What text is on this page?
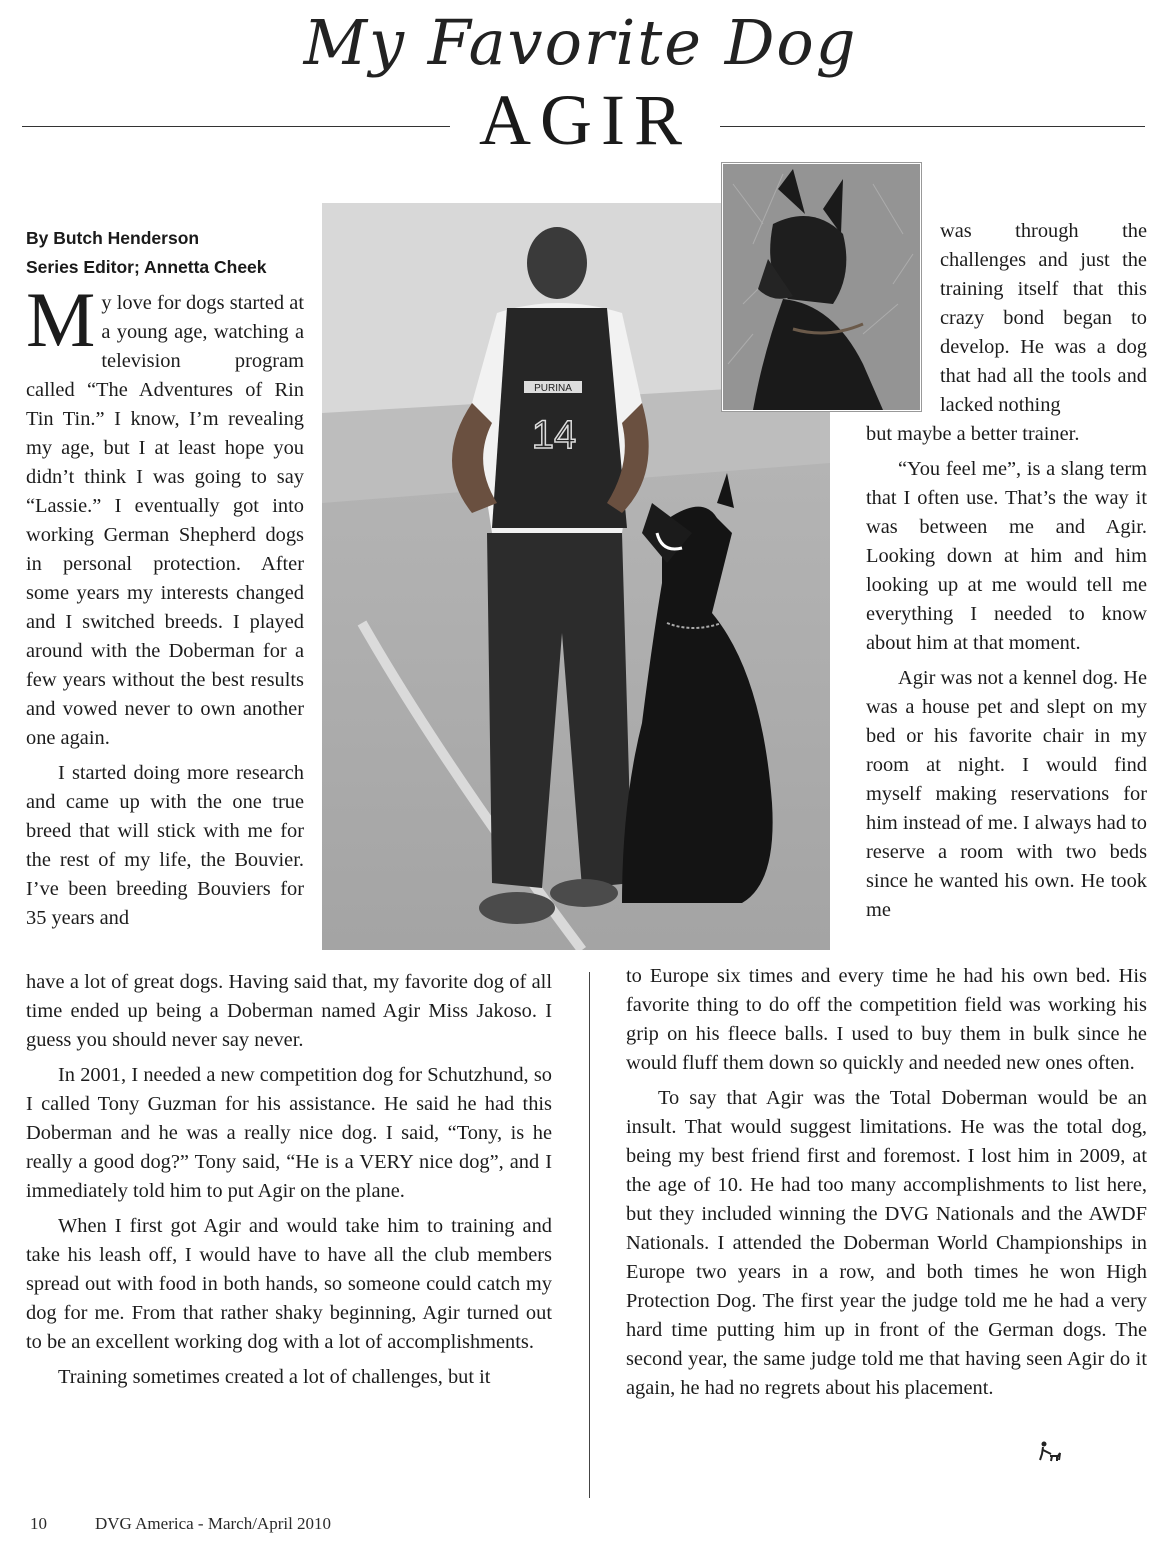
My Favorite Dog
AGIR
By Butch Henderson
Series Editor; Annetta Cheek
PURINA
14

My love for dogs started at a young age, watching a television program called “The Adventures of Rin Tin Tin.” I know, I’m revealing my age, but I at least hope you didn’t think I was going to say “Lassie.” I eventually got into working German Shepherd dogs in personal protection. After some years my interests changed and I switched breeds. I played around with the Doberman for a few years without the best results and vowed never to own another one again.

I started doing more research and came up with the one true breed that will stick with me for the rest of my life, the Bouvier. I’ve been breeding Bouviers for 35 years and

have a lot of great dogs. Having said that, my favorite dog of all time ended up being a Doberman named Agir Miss Jakoso. I guess you should never say never.

In 2001, I needed a new competition dog for Schutzhund, so I called Tony Guzman for his assistance. He said he had this Doberman and he was a really nice dog. I said, “Tony, is he really a good dog?” Tony said, “He is a VERY nice dog”, and I immediately told him to put Agir on the plane.

When I first got Agir and would take him to training and take his leash off, I would have to have all the club members spread out with food in both hands, so someone could catch my dog for me. From that rather shaky beginning, Agir turned out to be an excellent working dog with a lot of accomplishments.

Training sometimes created a lot of challenges, but it

was through the challenges and just the training itself that this crazy bond began to develop. He was a dog that had all the tools and lacked nothing

but maybe a better trainer.

“You feel me”, is a slang term that I often use. That’s the way it was between me and Agir. Looking down at him and him looking up at me would tell me everything I needed to know about him at that moment.

Agir was not a kennel dog. He was a house pet and slept on my bed or his favorite chair in my room at night. I would find myself making reservations for him instead of me. I always had to reserve a room with two beds since he wanted his own. He took me

to Europe six times and every time he had his own bed. His favorite thing to do off the competition field was working his grip on his fleece balls. I used to buy them in bulk since he would fluff them down so quickly and needed new ones often.

To say that Agir was the Total Doberman would be an insult. That would suggest limitations. He was the total dog, being my best friend first and foremost. I lost him in 2009, at the age of 10. He had too many accomplishments to list here, but they included winning the DVG Nationals and the AWDF Nationals. I attended the Doberman World Championships in Europe two years in a row, and both times he won High Protection Dog. The first year the judge told me he had a very hard time putting him up in front of the German dogs. The second year, the same judge told me that having seen Agir do it again, he had no regrets about his placement.

10	DVG America - March/April 2010
